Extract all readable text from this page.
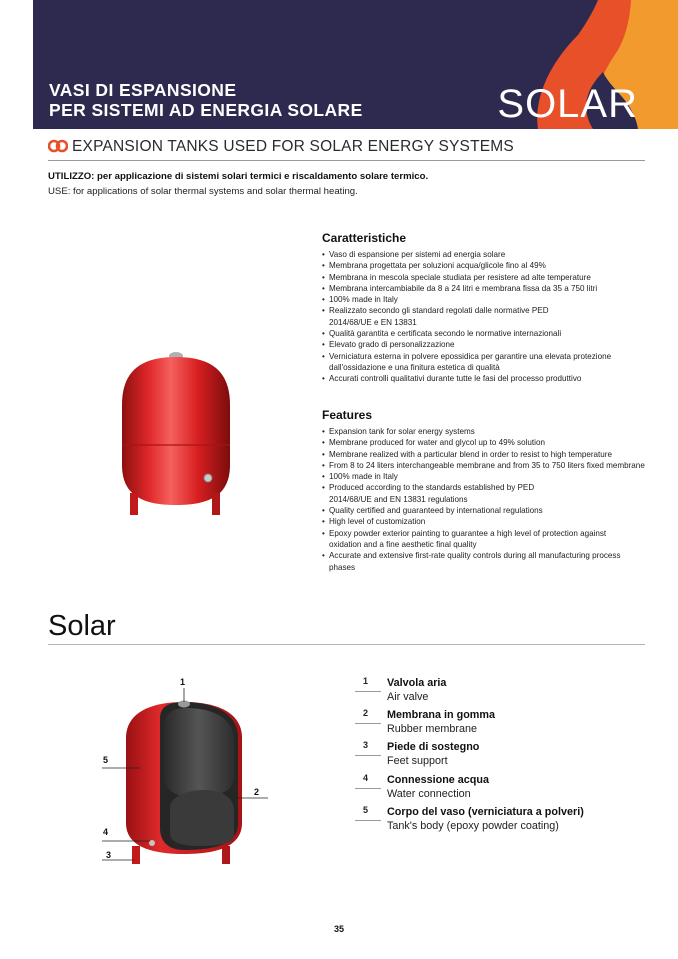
VASI DI ESPANSIONE
PER SISTEMI AD ENERGIA SOLARE	SOLAR
EXPANSION TANKS USED FOR SOLAR ENERGY SYSTEMS
UTILIZZO: per applicazione di sistemi solari termici e riscaldamento solare termico.
USE: for applications of solar thermal systems and solar thermal heating.
Caratteristiche
• Vaso di espansione per sistemi ad energia solare
• Membrana progettata per soluzioni acqua/glicole fino al 49%
• Membrana in mescola speciale studiata per resistere ad alte temperature
• Membrana intercambiabile da 8 a 24 litri e membrana fissa da 35 a 750 litri
• 100% made in Italy
• Realizzato secondo gli standard regolati dalle normative PED 2014/68/UE e EN 13831
• Qualità garantita e certificata secondo le normative internazionali
• Elevato grado di personalizzazione
• Verniciatura esterna in polvere epossidica per garantire una elevata protezione dall'ossidazione e una finitura estetica di qualità
• Accurati controlli qualitativi durante tutte le fasi del processo produttivo
Features
• Expansion tank for solar energy systems
• Membrane produced for water and glycol up to 49% solution
• Membrane realized with a particular blend in order to resist to high temperature
• From 8 to 24 liters interchangeable membrane and from 35 to 750 liters fixed membrane
• 100% made in Italy
• Produced according to the standards established by PED 2014/68/UE and EN 13831 regulations
• Quality certified and guaranteed by international regulations
• High level of customization
• Epoxy powder exterior painting to guarantee a high level of protection against oxidation and a fine aesthetic final quality
• Accurate and extensive first-rate quality controls during all manufacturing process phases
Solar
1
2
3
4
5
1 Valvola aria
Air valve
2 Membrana in gomma
Rubber membrane
3 Piede di sostegno
Feet support
4 Connessione acqua
Water connection
5 Corpo del vaso (verniciatura a polveri)
Tank's body (epoxy powder coating)
35
